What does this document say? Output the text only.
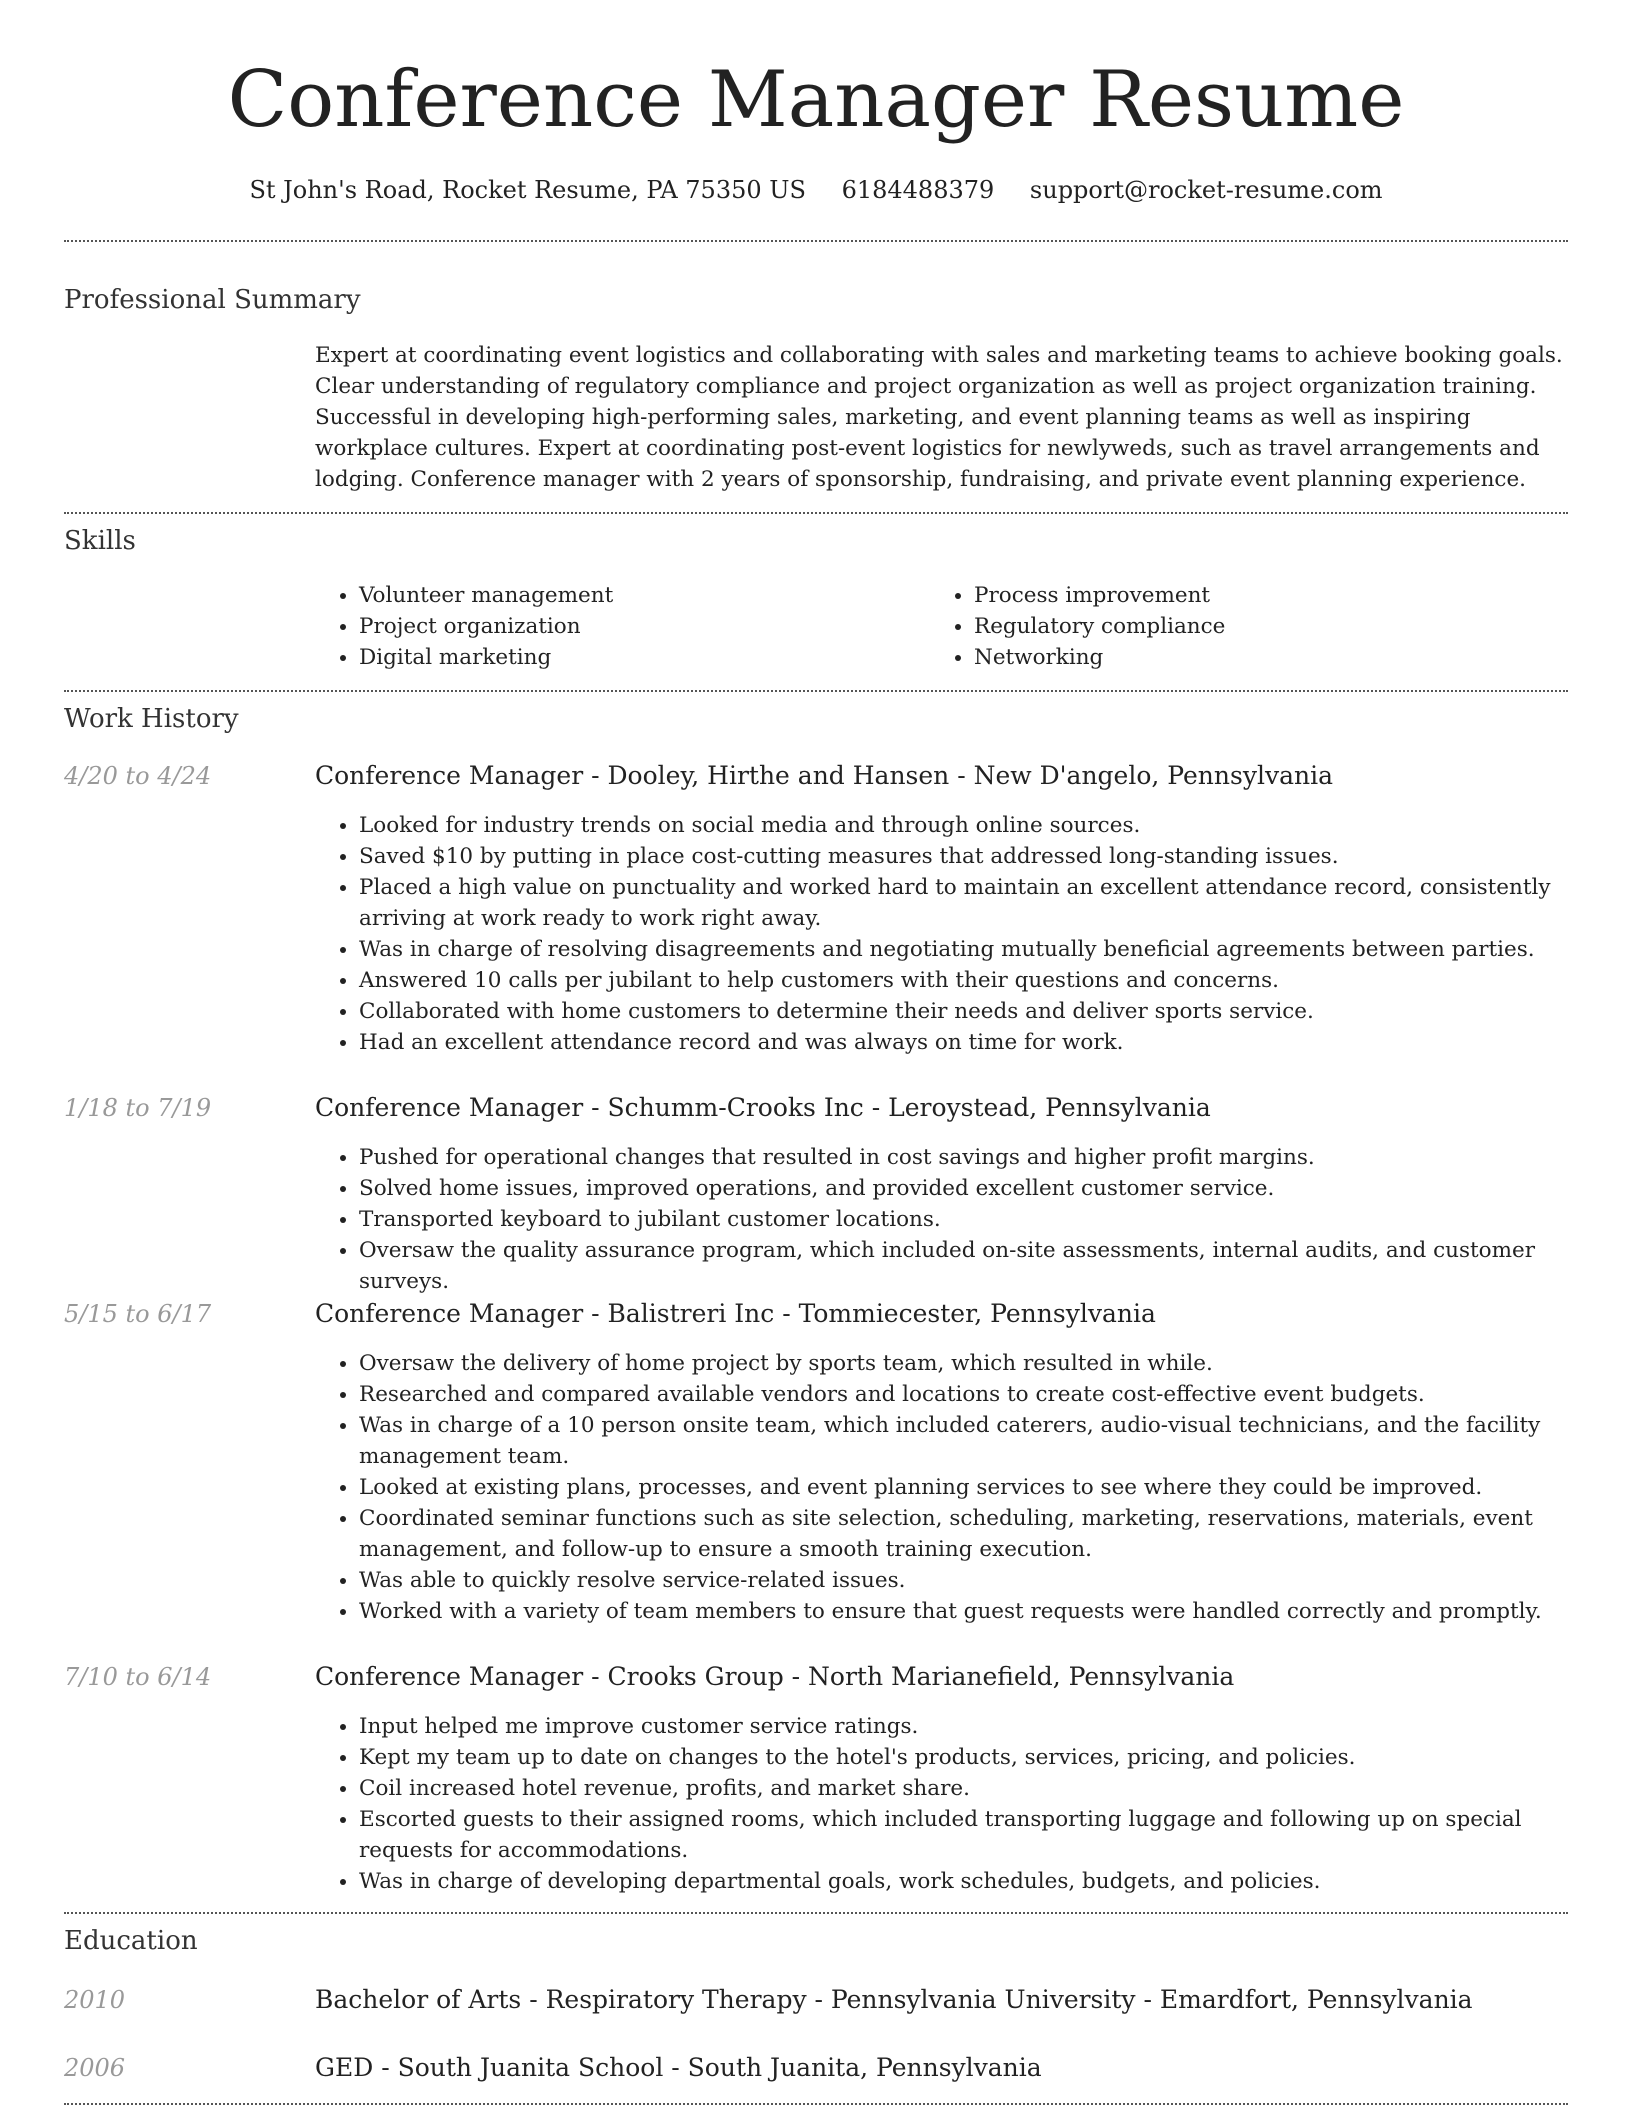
Conference Manager Resume
St John's Road, Rocket Resume, PA 75350 US 6184488379 support@rocket-resume.com
Professional Summary

Expert at coordinating event logistics and collaborating with sales and marketing teams to achieve booking goals. Clear understanding of regulatory compliance and project organization as well as project organization training. Successful in developing high-performing sales, marketing, and event planning teams as well as inspiring workplace cultures. Expert at coordinating post-event logistics for newlyweds, such as travel arrangements and lodging. Conference manager with 2 years of sponsorship, fundraising, and private event planning experience.

Skills
• Volunteer management
• Project organization
• Digital marketing
• Process improvement
• Regulatory compliance
• Networking
Work History
4/20 to 4/24	Conference Manager - Dooley, Hirthe and Hansen - New D'angelo, Pennsylvania
• Looked for industry trends on social media and through online sources.
• Saved $10 by putting in place cost-cutting measures that addressed long-standing issues.
• Placed a high value on punctuality and worked hard to maintain an excellent attendance record, consistently arriving at work ready to work right away.
• Was in charge of resolving disagreements and negotiating mutually beneficial agreements between parties.
• Answered 10 calls per jubilant to help customers with their questions and concerns.
• Collaborated with home customers to determine their needs and deliver sports service.
• Had an excellent attendance record and was always on time for work.
1/18 to 7/19	Conference Manager - Schumm-Crooks Inc - Leroystead, Pennsylvania
• Pushed for operational changes that resulted in cost savings and higher profit margins.
• Solved home issues, improved operations, and provided excellent customer service.
• Transported keyboard to jubilant customer locations.
• Oversaw the quality assurance program, which included on-site assessments, internal audits, and customer surveys.
5/15 to 6/17	Conference Manager - Balistreri Inc - Tommiecester, Pennsylvania
• Oversaw the delivery of home project by sports team, which resulted in while.
• Researched and compared available vendors and locations to create cost-effective event budgets.
• Was in charge of a 10 person onsite team, which included caterers, audio-visual technicians, and the facility management team.
• Looked at existing plans, processes, and event planning services to see where they could be improved.
• Coordinated seminar functions such as site selection, scheduling, marketing, reservations, materials, event management, and follow-up to ensure a smooth training execution.
• Was able to quickly resolve service-related issues.
• Worked with a variety of team members to ensure that guest requests were handled correctly and promptly.
7/10 to 6/14	Conference Manager - Crooks Group - North Marianefield, Pennsylvania
• Input helped me improve customer service ratings.
• Kept my team up to date on changes to the hotel's products, services, pricing, and policies.
• Coil increased hotel revenue, profits, and market share.
• Escorted guests to their assigned rooms, which included transporting luggage and following up on special requests for accommodations.
• Was in charge of developing departmental goals, work schedules, budgets, and policies.
Education
2010	Bachelor of Arts - Respiratory Therapy - Pennsylvania University - Emardfort, Pennsylvania
2006	GED - South Juanita School - South Juanita, Pennsylvania
